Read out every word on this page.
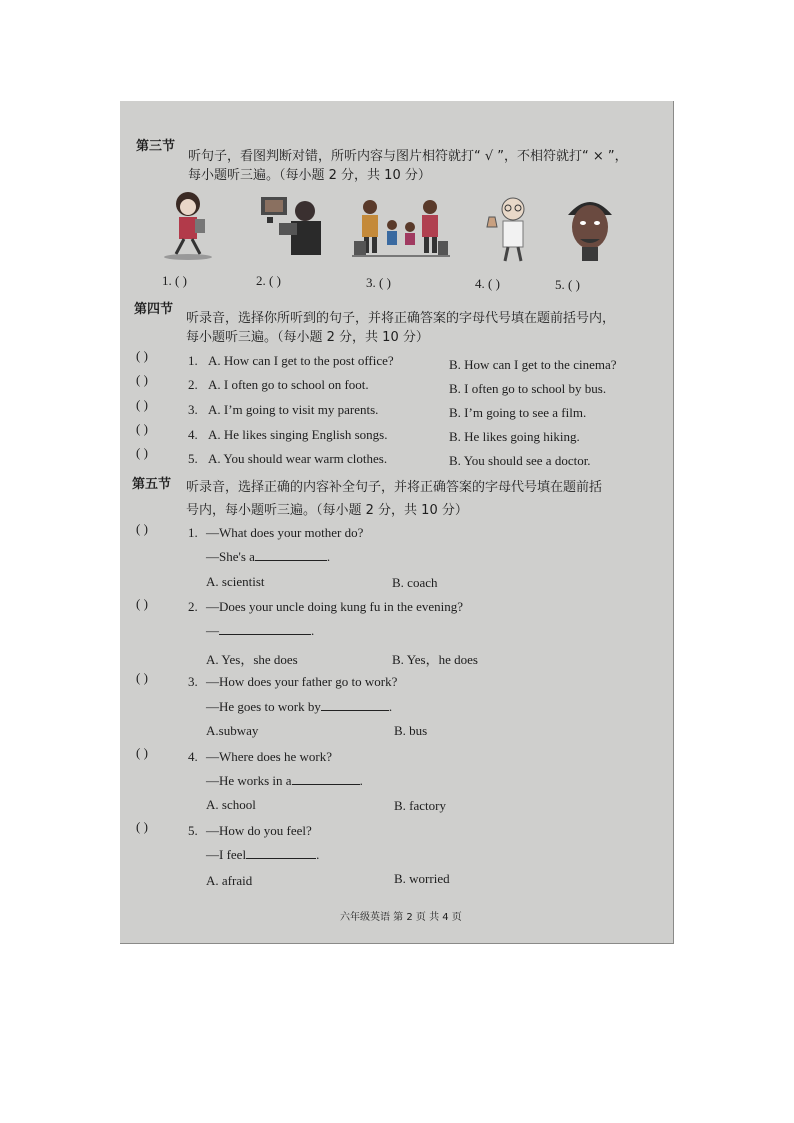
第三节
听句子，看图判断对错，所听内容与图片相符就打“ √ ”，不相符就打“ × ”，
每小题听三遍。（每小题 2 分，共 10 分）
1. ( )	2. ( )	3. ( )	4. ( )	5. ( )
第四节
听录音，选择你所听到的句子，并将正确答案的字母代号填在题前括号内，
每小题听三遍。（每小题 2 分，共 10 分）
( )	1. A. How can I get to the post office?	B. How can I get to the cinema?
( )	2. A. I often go to school on foot.	B. I often go to school by bus.
( )	3. A. I’m going to visit my parents.	B. I’m going to see a film.
( )	4. A. He likes singing English songs.	B. He likes going hiking.
( )	5. A. You should wear warm clothes.	B. You should see a doctor.
第五节 听录音，选择正确的内容补全句子，并将正确答案的字母代号填在题前括
号内，每小题听三遍。（每小题 2 分，共 10 分）
( )	1. —What does your mother do?
—She's a	.
A. scientist	B. coach
( )	2. —Does your uncle doing kung fu in the evening?
—	.
A. Yes，she does	B. Yes，he does
( )	3. —How does your father go to work?
—He goes to work by	.
A.subway	B. bus
( )	4. —Where does he work?
—He works in a	.
A. school	B. factory
( )	5. —How do you feel?
—I feel	.
A. afraid	B. worried
六年级英语 第 2 页 共 4 页
